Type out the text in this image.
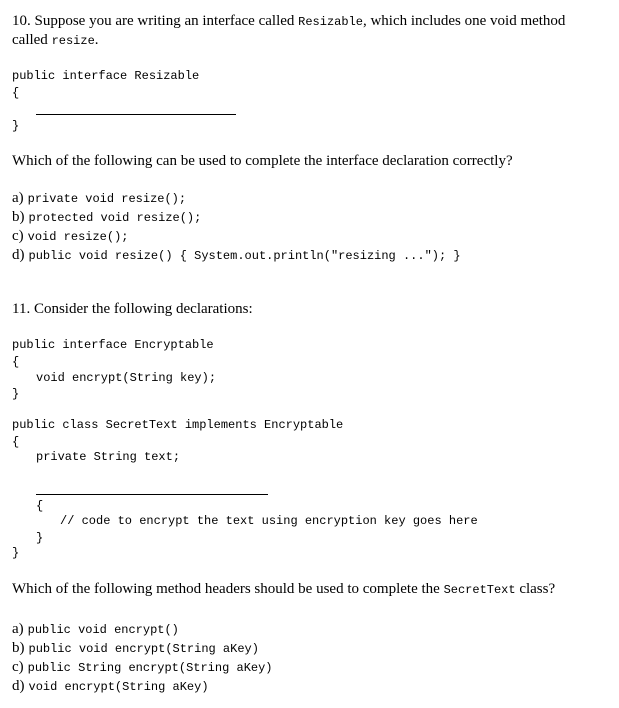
10. Suppose you are writing an interface called Resizable, which includes one void method
called resize.
public interface Resizable
{
}
Which of the following can be used to complete the interface declaration correctly?
a) private void resize();
b) protected void resize();
c) void resize();
d) public void resize() { System.out.println("resizing ..."); }
11. Consider the following declarations:
public interface Encryptable
{
void encrypt(String key);
}
public class SecretText implements Encryptable
{
private String text;
{
// code to encrypt the text using encryption key goes here
}
}
Which of the following method headers should be used to complete the SecretText class?
a) public void encrypt()
b) public void encrypt(String aKey)
c) public String encrypt(String aKey)
d) void encrypt(String aKey)
